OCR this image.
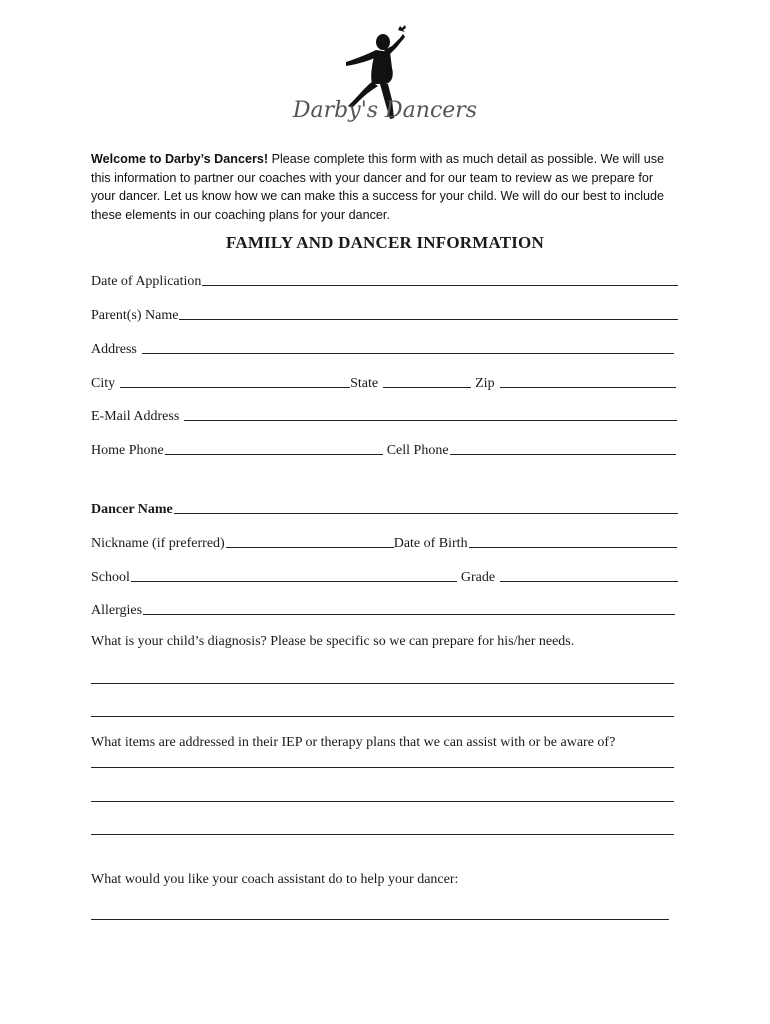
Darby's Dancers
Welcome to Darby’s Dancers! Please complete this form with as much detail as possible. We will use this information to partner our coaches with your dancer and for our team to review as we prepare for your dancer. Let us know how we can make this a success for your child. We will do our best to include these elements in our coaching plans for your dancer.
FAMILY AND DANCER INFORMATION
Date of Application
Parent(s) Name
Address
City	State	Zip
E-Mail Address
Home Phone	Cell Phone
Dancer Name
Nickname (if preferred)	Date of Birth
School	Grade
Allergies
What is your child’s diagnosis? Please be specific so we can prepare for his/her needs.
What items are addressed in their IEP or therapy plans that we can assist with or be aware of?
What would you like your coach assistant do to help your dancer:
